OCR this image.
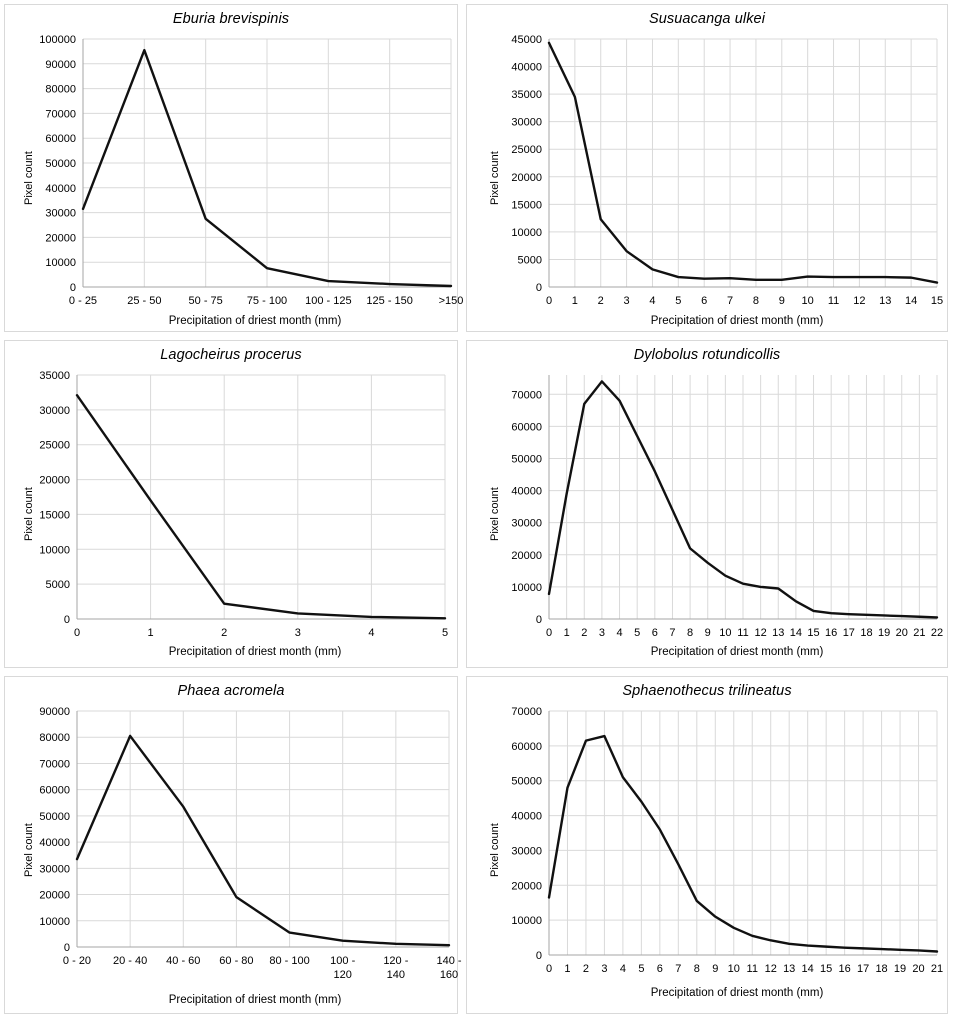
Eburia brevispinis
0
10000
20000
30000
40000
50000
60000
70000
80000
90000
100000
0 - 25	25 - 50 50 - 75 75 - 100 100 - 125 125 - 150 >150
Pixel count
Precipitation of driest month (mm)
Susuacanga ulkei
0
5000
10000
15000
20000
25000
30000
35000
40000
45000
0 1 2 3 4 5 6 7 8 9 10 11 12 13 14 15
Pixel count
Precipitation of driest month (mm)
Lagocheirus procerus
0
5000
10000
15000
20000
25000
30000
35000
0	1	2	3	4	5
Pixel count
Precipitation of driest month (mm)
Dylobolus rotundicollis
0
10000
20000
30000
40000
50000
60000
70000
0 1 2 3 4 5 6 7 8 9 10 11 12 13 14 15 16 17 18 19 20 21 22
Pixel count
Precipitation of driest month (mm)
Phaea acromela
0
10000
20000
30000
40000
50000
60000
70000
80000
90000
0 - 20 20 - 40 40 - 60 60 - 80 80 - 100 100 -
120
120 -
140
140 -
160
Pixel count
Precipitation of driest month (mm)
Sphaenothecus trilineatus
0
10000
20000
30000
40000
50000
60000
70000
0 1 2 3 4 5 6 7 8 9 10 11 12 13 14 15 16 17 18 19 20 21
Pixel count
Precipitation of driest month (mm)
